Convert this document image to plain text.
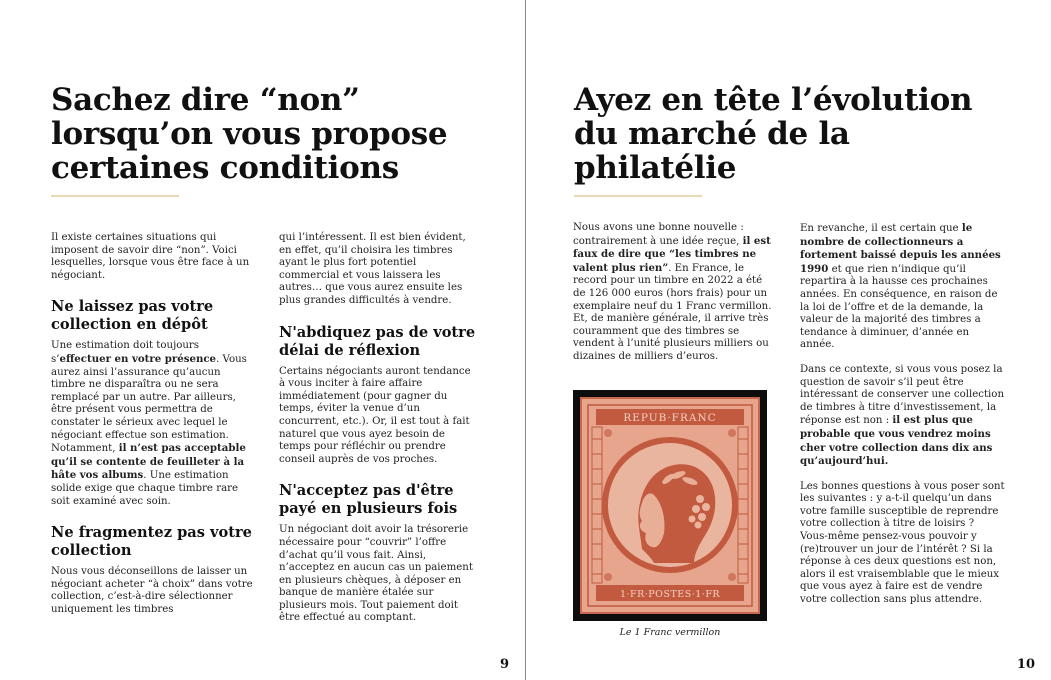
Sachez dire “non”
lorsqu’on vous propose
certaines conditions

Il existe certaines situations qui imposent de savoir dire “non”. Voici lesquelles, lorsque vous être face à un négociant.

Ne laissez pas votre collection en dépôt

Une estimation doit toujours s’effectuer en votre présence. Vous aurez ainsi l’assurance qu’aucun timbre ne disparaîtra ou ne sera remplacé par un autre. Par ailleurs, être présent vous permettra de constater le sérieux avec lequel le négociant effectue son estimation. Notamment, il n’est pas acceptable qu’il se contente de feuilleter à la hâte vos albums. Une estimation solide exige que chaque timbre rare soit examiné avec soin.

Ne fragmentez pas votre collection

Nous vous déconseillons de laisser un négociant acheter “à choix” dans votre collection, c’est-à-dire sélectionner uniquement les timbres

qui l’intéressent. Il est bien évident, en effet, qu’il choisira les timbres ayant le plus fort potentiel commercial et vous laissera les autres… que vous aurez ensuite les plus grandes difficultés à vendre.

N'abdiquez pas de votre délai de réflexion

Certains négociants auront tendance à vous inciter à faire affaire immédiatement (pour gagner du temps, éviter la venue d’un concurrent, etc.). Or, il est tout à fait naturel que vous ayez besoin de temps pour réfléchir ou prendre conseil auprès de vos proches.

N'acceptez pas d'être payé en plusieurs fois

Un négociant doit avoir la trésorerie nécessaire pour “couvrir” l’offre d’achat qu’il vous fait. Ainsi, n’acceptez en aucun cas un paiement en plusieurs chèques, à déposer en banque de manière étalée sur plusieurs mois. Tout paiement doit être effectué au comptant.

9
Ayez en tête l’évolution
du marché de la
philatélie

Nous avons une bonne nouvelle : contrairement à une idée reçue, il est faux de dire que “les timbres ne valent plus rien”. En France, le record pour un timbre en 2022 a été de 126 000 euros (hors frais) pour un exemplaire neuf du 1 Franc vermillon. Et, de manière générale, il arrive très couramment que des timbres se vendent à l’unité plusieurs milliers ou dizaines de milliers d’euros.

En revanche, il est certain que le nombre de collectionneurs a fortement baissé depuis les années 1990 et que rien n’indique qu’il repartira à la hausse ces prochaines années. En conséquence, en raison de la loi de l’offre et de la demande, la valeur de la majorité des timbres a tendance à diminuer, d’année en année.

Dans ce contexte, si vous vous posez la question de savoir s’il peut être intéressant de conserver une collection de timbres à titre d’investissement, la réponse est non : il est plus que probable que vous vendrez moins cher votre collection dans dix ans qu’aujourd’hui.

Les bonnes questions à vous poser sont les suivantes : y a-t-il quelqu’un dans votre famille susceptible de reprendre votre collection à titre de loisirs ? Vous-même pensez-vous pouvoir y (re)trouver un jour de l’intérêt ? Si la réponse à ces deux questions est non, alors il est vraisemblable que le mieux que vous ayez à faire est de vendre votre collection sans plus attendre.

10
REPUB·FRANC
1·FR·POSTES·1·FR
Le 1 Franc vermillon
